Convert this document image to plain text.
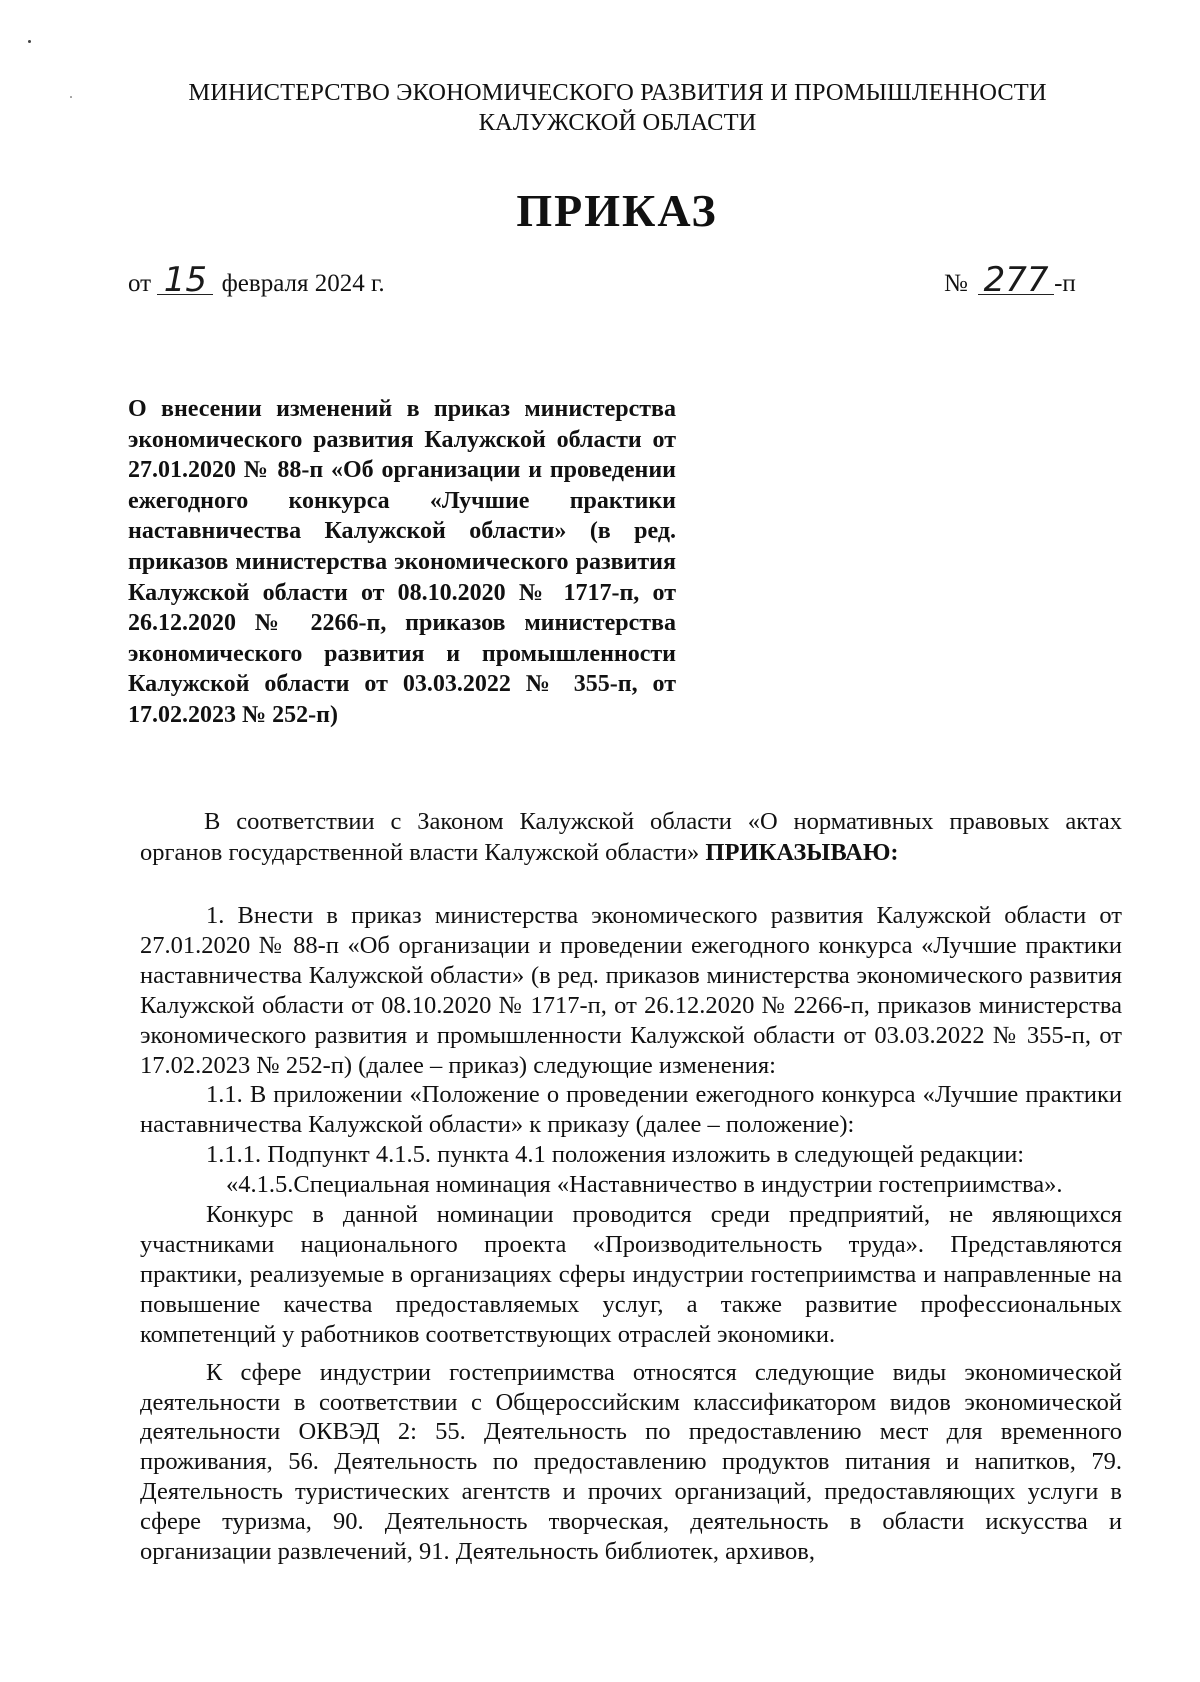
МИНИСТЕРСТВО ЭКОНОМИЧЕСКОГО РАЗВИТИЯ И ПРОМЫШЛЕННОСТИ
КАЛУЖСКОЙ ОБЛАСТИ
ПРИКАЗ
от 15 февраля 2024 г.	№ 277 -п
О внесении изменений в приказ министерства экономического развития Калужской области от 27.01.2020 № 88-п «Об организации и проведении ежегодного конкурса «Лучшие практики наставничества Калужской области» (в ред. приказов министерства экономического развития Калужской области от 08.10.2020 № 1717-п, от 26.12.2020 № 2266-п, приказов министерства экономического развития и промышленности Калужской области от 03.03.2022 № 355-п, от 17.02.2023 № 252-п)
В соответствии с Законом Калужской области «О нормативных правовых актах органов государственной власти Калужской области» ПРИКАЗЫВАЮ:

1. Внести в приказ министерства экономического развития Калужской области от 27.01.2020 № 88-п «Об организации и проведении ежегодного конкурса «Лучшие практики наставничества Калужской области» (в ред. приказов министерства экономического развития Калужской области от 08.10.2020 № 1717-п, от 26.12.2020 № 2266-п, приказов министерства экономического развития и промышленности Калужской области от 03.03.2022 № 355-п, от 17.02.2023 № 252-п) (далее – приказ) следующие изменения:

1.1. В приложении «Положение о проведении ежегодного конкурса «Лучшие практики наставничества Калужской области» к приказу (далее – положение):

1.1.1. Подпункт 4.1.5. пункта 4.1 положения изложить в следующей редакции:

«4.1.5.Специальная номинация «Наставничество в индустрии гостеприимства».

Конкурс в данной номинации проводится среди предприятий, не являющихся участниками национального проекта «Производительность труда». Представляются практики, реализуемые в организациях сферы индустрии гостеприимства и направленные на повышение качества предоставляемых услуг, а также развитие профессиональных компетенций у работников соответствующих отраслей экономики.

К сфере индустрии гостеприимства относятся следующие виды экономической деятельности в соответствии с Общероссийским классификатором видов экономической деятельности ОКВЭД 2: 55. Деятельность по предоставлению мест для временного проживания, 56. Деятельность по предоставлению продуктов питания и напитков, 79. Деятельность туристических агентств и прочих организаций, предоставляющих услуги в сфере туризма, 90. Деятельность творческая, деятельность в области искусства и организации развлечений, 91. Деятельность библиотек, архивов,
